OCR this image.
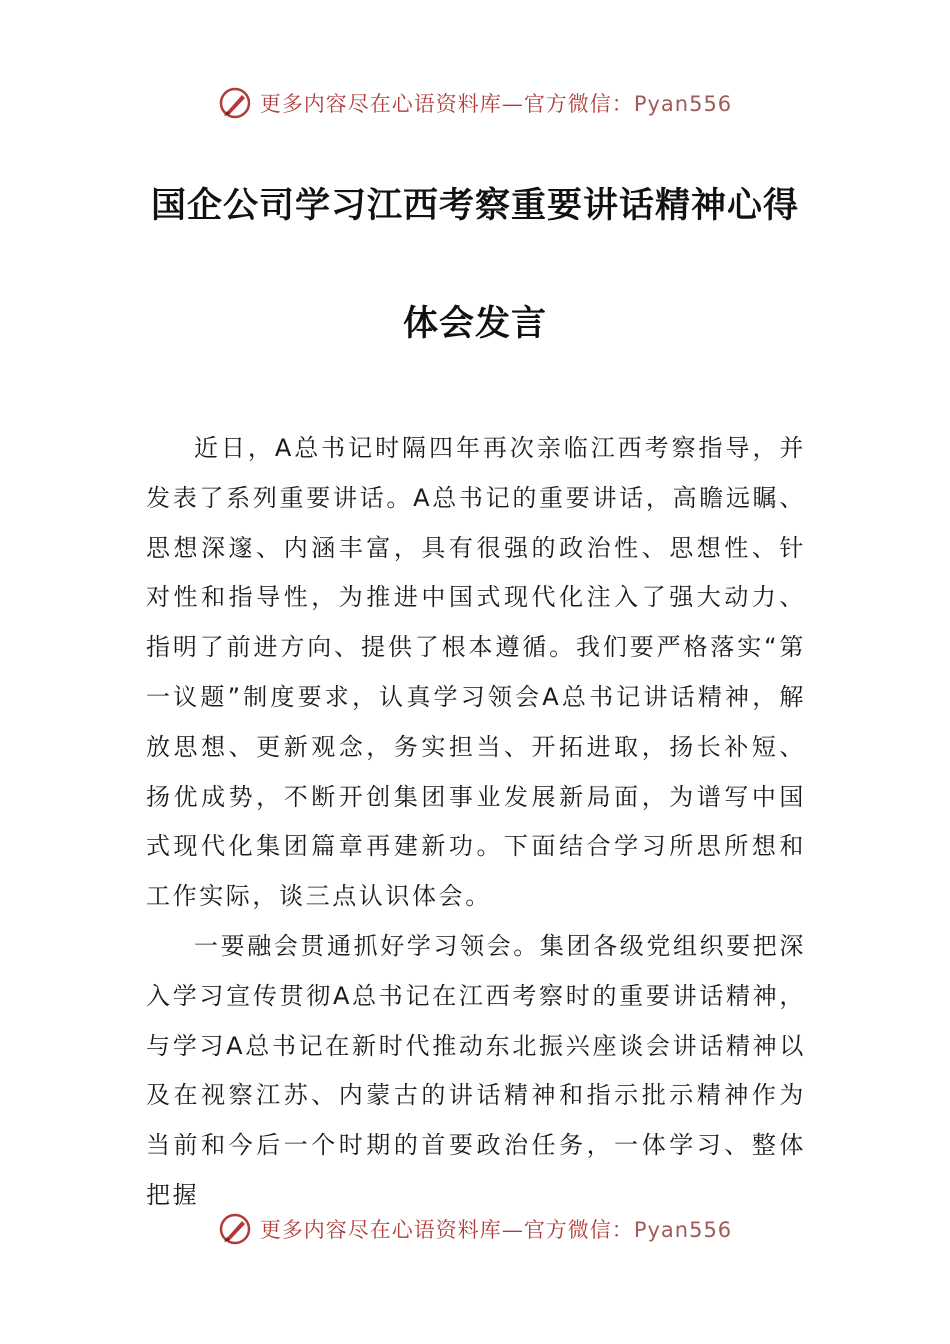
更多内容尽在心语资料库—官方微信：Pyan556
国企公司学习江西考察重要讲话精神心得
体会发言

近日，A总书记时隔四年再次亲临江西考察指导，并发表了系列重要讲话。A总书记的重要讲话，高瞻远瞩、思想深邃、内涵丰富，具有很强的政治性、思想性、针对性和指导性，为推进中国式现代化注入了强大动力、指明了前进方向、提供了根本遵循。我们要严格落实“第一议题”制度要求，认真学习领会A总书记讲话精神，解放思想、更新观念，务实担当、开拓进取，扬长补短、扬优成势，不断开创集团事业发展新局面，为谱写中国式现代化集团篇章再建新功。下面结合学习所思所想和工作实际，谈三点认识体会。

一要融会贯通抓好学习领会。集团各级党组织要把深入学习宣传贯彻A总书记在江西考察时的重要讲话精神，与学习A总书记在新时代推动东北振兴座谈会讲话精神以及在视察江苏、内蒙古的讲话精神和指示批示精神作为当前和今后一个时期的首要政治任务，一体学习、整体把握

更多内容尽在心语资料库—官方微信：Pyan556
